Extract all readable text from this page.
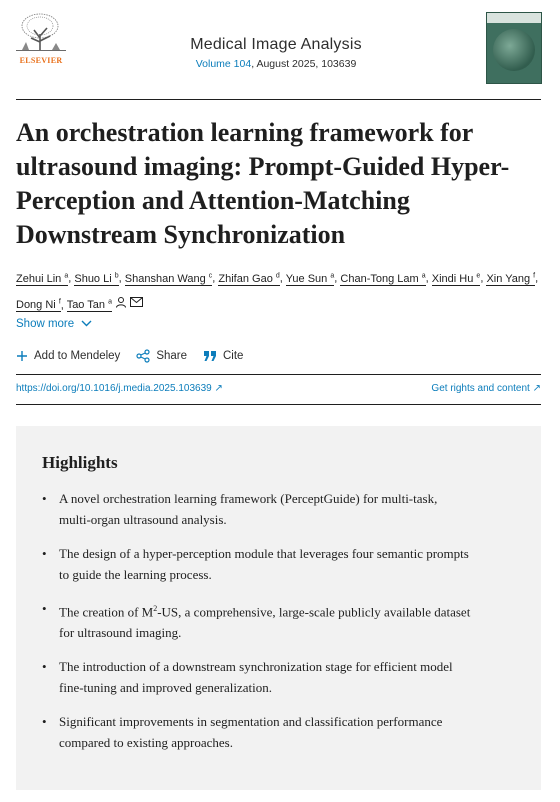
ELSEVIER
Medical Image Analysis
Volume 104, August 2025, 103639
An orchestration learning framework for ultrasound imaging: Prompt-Guided Hyper-Perception and Attention-Matching Downstream Synchronization
Zehui Lin $^a$, Shuo Li $^b$, Shanshan Wang $^c$, Zhifan Gao $^d$, Yue Sun $^a$, Chan-Tong Lam $^a$, Xindi Hu $^e$, Xin Yang $^f$, Dong Ni $^f$, Tao Tan $^a$
Show more
Add to Mendeley	Share	Cite
https://doi.org/10.1016/j.media.2025.103639 ↗	Get rights and content ↗
Highlights
• A novel orchestration learning framework (PerceptGuide) for multi-task, multi-organ ultrasound analysis.
• The design of a hyper-perception module that leverages four semantic prompts to guide the learning process.
• The creation of $M^2-US$, a comprehensive, large-scale publicly available dataset for ultrasound imaging.
• The introduction of a downstream synchronization stage for efficient model fine-tuning and improved generalization.
• Significant improvements in segmentation and classification performance compared to existing approaches.
